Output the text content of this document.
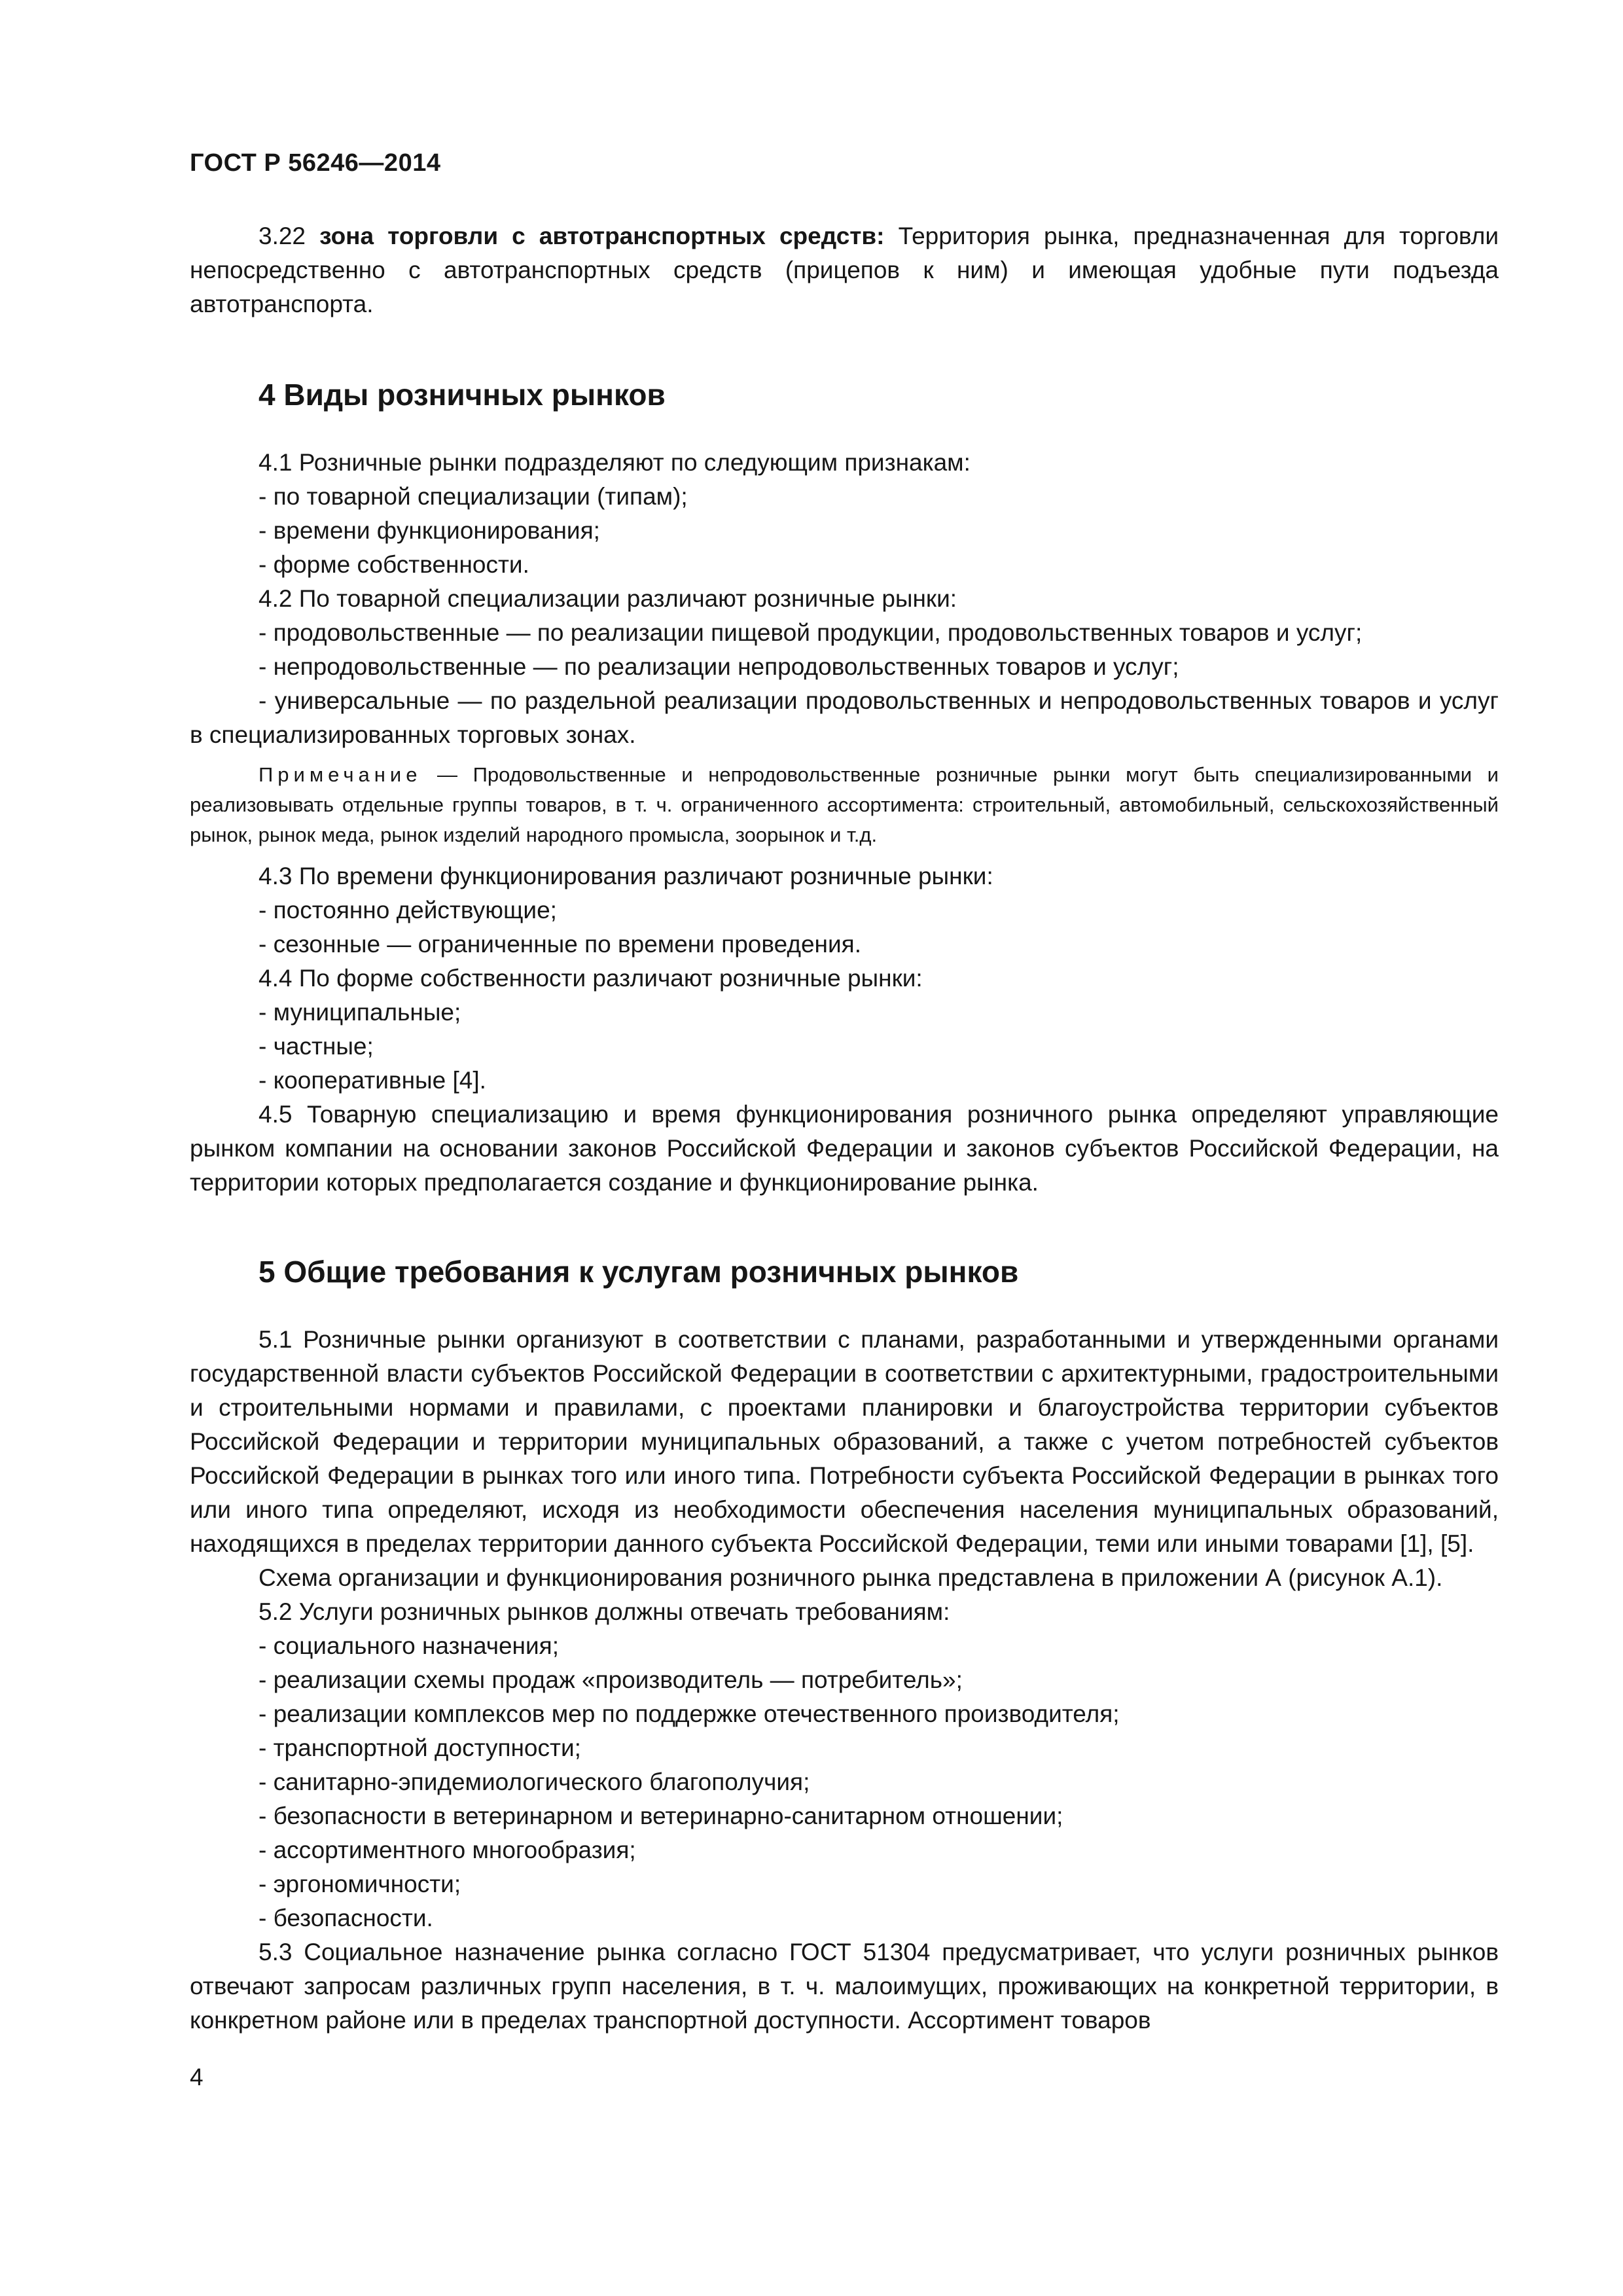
ГОСТ Р 56246—2014

3.22 зона торговли с автотранспортных средств: Территория рынка, предназначенная для торговли непосредственно с автотранспортных средств (прицепов к ним) и имеющая удобные пути подъезда автотранспорта.

4 Виды розничных рынков

4.1 Розничные рынки подразделяют по следующим признакам:

- по товарной специализации (типам);

- времени функционирования;

- форме собственности.

4.2 По товарной специализации различают розничные рынки:

- продовольственные — по реализации пищевой продукции, продовольственных товаров и услуг;

- непродовольственные — по реализации непродовольственных товаров и услуг;

- универсальные — по раздельной реализации продовольственных и непродовольственных товаров и услуг в специализированных торговых зонах.

Примечание — Продовольственные и непродовольственные розничные рынки могут быть специализированными и реализовывать отдельные группы товаров, в т. ч. ограниченного ассортимента: строительный, автомобильный, сельскохозяйственный рынок, рынок меда, рынок изделий народного промысла, зоорынок и т.д.

4.3 По времени функционирования различают розничные рынки:

- постоянно действующие;

- сезонные — ограниченные по времени проведения.

4.4 По форме собственности различают розничные рынки:

- муниципальные;

- частные;

- кооперативные [4].

4.5 Товарную специализацию и время функционирования розничного рынка определяют управляющие рынком компании на основании законов Российской Федерации и законов субъектов Российской Федерации, на территории которых предполагается создание и функционирование рынка.

5 Общие требования к услугам розничных рынков

5.1 Розничные рынки организуют в соответствии с планами, разработанными и утвержденными органами государственной власти субъектов Российской Федерации в соответствии с архитектурными, градостроительными и строительными нормами и правилами, с проектами планировки и благоустройства территории субъектов Российской Федерации и территории муниципальных образований, а также с учетом потребностей субъектов Российской Федерации в рынках того или иного типа. Потребности субъекта Российской Федерации в рынках того или иного типа определяют, исходя из необходимости обеспечения населения муниципальных образований, находящихся в пределах территории данного субъекта Российской Федерации, теми или иными товарами [1], [5].

Схема организации и функционирования розничного рынка представлена в приложении А (рисунок А.1).

5.2 Услуги розничных рынков должны отвечать требованиям:

- социального назначения;

- реализации схемы продаж «производитель — потребитель»;

- реализации комплексов мер по поддержке отечественного производителя;

- транспортной доступности;

- санитарно-эпидемиологического благополучия;

- безопасности в ветеринарном и ветеринарно-санитарном отношении;

- ассортиментного многообразия;

- эргономичности;

- безопасности.

5.3 Социальное назначение рынка согласно ГОСТ 51304 предусматривает, что услуги розничных рынков отвечают запросам различных групп населения, в т. ч. малоимущих, проживающих на конкретной территории, в конкретном районе или в пределах транспортной доступности. Ассортимент товаров

4
